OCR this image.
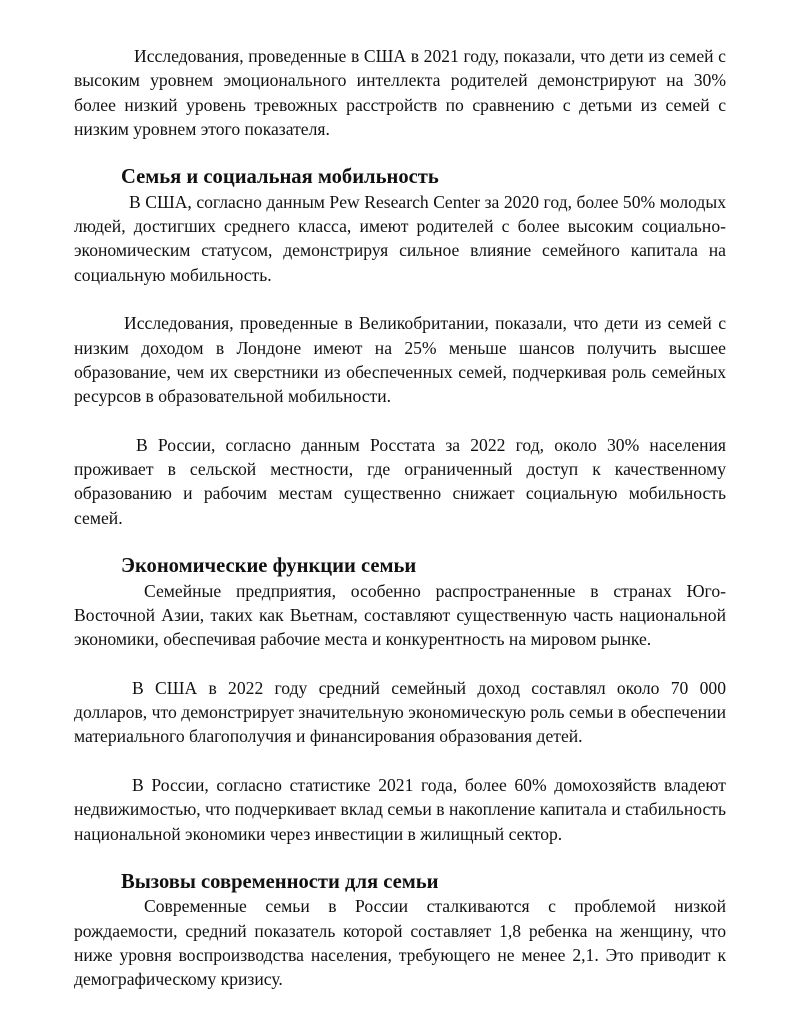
Исследования, проведенные в США в 2021 году, показали, что дети из семей с высоким уровнем эмоционального интеллекта родителей демонстрируют на 30% более низкий уровень тревожных расстройств по сравнению с детьми из семей с низким уровнем этого показателя.

Семья и социальная мобильность

В США, согласно данным Pew Research Center за 2020 год, более 50% молодых людей, достигших среднего класса, имеют родителей с более высоким социально-экономическим статусом, демонстрируя сильное влияние семейного капитала на социальную мобильность.

Исследования, проведенные в Великобритании, показали, что дети из семей с низким доходом в Лондоне имеют на 25% меньше шансов получить высшее образование, чем их сверстники из обеспеченных семей, подчеркивая роль семейных ресурсов в образовательной мобильности.

В России, согласно данным Росстата за 2022 год, около 30% населения проживает в сельской местности, где ограниченный доступ к качественному образованию и рабочим местам существенно снижает социальную мобильность семей.

Экономические функции семьи

Семейные предприятия, особенно распространенные в странах Юго-Восточной Азии, таких как Вьетнам, составляют существенную часть национальной экономики, обеспечивая рабочие места и конкурентность на мировом рынке.

В США в 2022 году средний семейный доход составлял около 70 000 долларов, что демонстрирует значительную экономическую роль семьи в обеспечении материального благополучия и финансирования образования детей.

В России, согласно статистике 2021 года, более 60% домохозяйств владеют недвижимостью, что подчеркивает вклад семьи в накопление капитала и стабильность национальной экономики через инвестиции в жилищный сектор.

Вызовы современности для семьи

Современные семьи в России сталкиваются с проблемой низкой рождаемости, средний показатель которой составляет 1,8 ребенка на женщину, что ниже уровня воспроизводства населения, требующего не менее 2,1. Это приводит к демографическому кризису.
